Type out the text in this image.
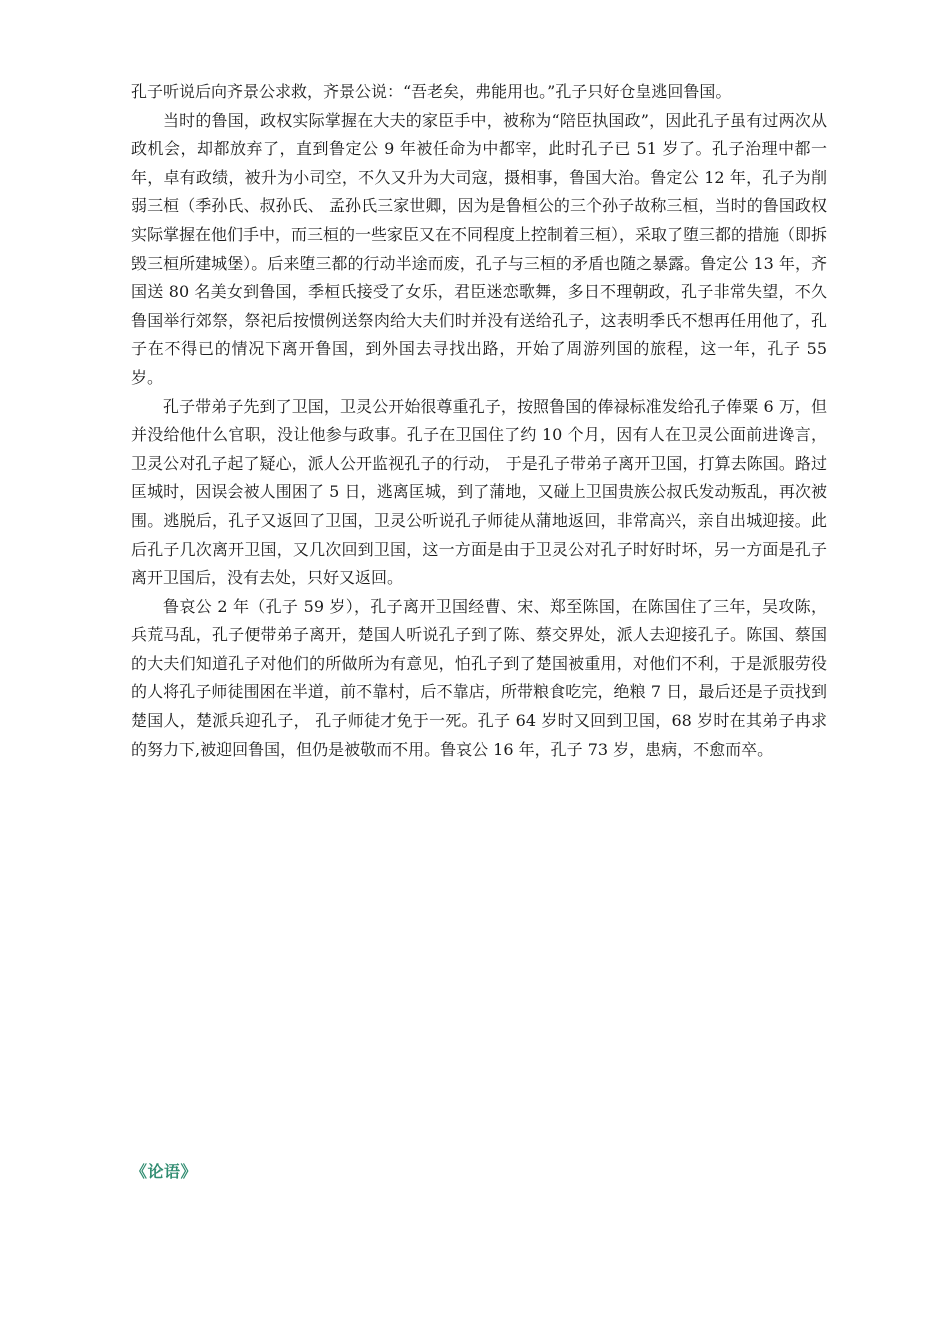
孔子听说后向齐景公求救，齐景公说：“吾老矣，弗能用也。”孔子只好仓皇逃回鲁国。

当时的鲁国，政权实际掌握在大夫的家臣手中，被称为“陪臣执国政”，因此孔子虽有过两次从政机会，却都放弃了，直到鲁定公 9 年被任命为中都宰，此时孔子已 51 岁了。孔子治理中都一年，卓有政绩，被升为小司空，不久又升为大司寇，摄相事，鲁国大治。鲁定公 12 年，孔子为削弱三桓（季孙氏、叔孙氏、 孟孙氏三家世卿，因为是鲁桓公的三个孙子故称三桓，当时的鲁国政权实际掌握在他们手中，而三桓的一些家臣又在不同程度上控制着三桓），采取了堕三都的措施（即拆毁三桓所建城堡）。后来堕三都的行动半途而废，孔子与三桓的矛盾也随之暴露。鲁定公 13 年，齐国送 80 名美女到鲁国，季桓氏接受了女乐，君臣迷恋歌舞，多日不理朝政，孔子非常失望，不久鲁国举行郊祭，祭祀后按惯例送祭肉给大夫们时并没有送给孔子，这表明季氏不想再任用他了，孔子在不得已的情况下离开鲁国，到外国去寻找出路，开始了周游列国的旅程，这一年，孔子 55 岁。

孔子带弟子先到了卫国，卫灵公开始很尊重孔子，按照鲁国的俸禄标准发给孔子俸粟 6 万，但并没给他什么官职，没让他参与政事。孔子在卫国住了约 10 个月，因有人在卫灵公面前进谗言，卫灵公对孔子起了疑心，派人公开监视孔子的行动， 于是孔子带弟子离开卫国，打算去陈国。路过匡城时，因误会被人围困了 5 日，逃离匡城，到了蒲地，又碰上卫国贵族公叔氏发动叛乱，再次被围。逃脱后，孔子又返回了卫国，卫灵公听说孔子师徒从蒲地返回，非常高兴，亲自出城迎接。此后孔子几次离开卫国，又几次回到卫国，这一方面是由于卫灵公对孔子时好时坏，另一方面是孔子离开卫国后，没有去处，只好又返回。

鲁哀公 2 年（孔子 59 岁），孔子离开卫国经曹、宋、郑至陈国，在陈国住了三年，吴攻陈，兵荒马乱，孔子便带弟子离开，楚国人听说孔子到了陈、蔡交界处，派人去迎接孔子。陈国、蔡国的大夫们知道孔子对他们的所做所为有意见，怕孔子到了楚国被重用，对他们不利，于是派服劳役的人将孔子师徒围困在半道，前不靠村，后不靠店，所带粮食吃完，绝粮 7 日，最后还是子贡找到楚国人，楚派兵迎孔子， 孔子师徒才免于一死。孔子 64 岁时又回到卫国，68 岁时在其弟子冉求的努力下,被迎回鲁国，但仍是被敬而不用。鲁哀公 16 年，孔子 73 岁，患病，不愈而卒。

《论语》
